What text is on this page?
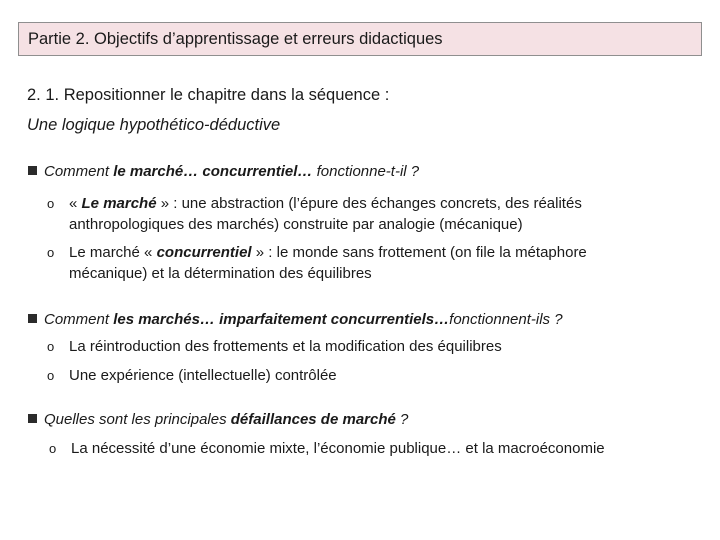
Partie 2. Objectifs d’apprentissage et erreurs didactiques
2. 1. Repositionner le chapitre dans la séquence :
Une logique hypothético-déductive
Comment le marché… concurrentiel… fonctionne-t-il ?
o « Le marché » : une abstraction (l’épure des échanges concrets, des réalités
anthropologiques des marchés) construite par analogie (mécanique)
o Le marché « concurrentiel » : le monde sans frottement (on file la métaphore
mécanique) et la détermination des équilibres
Comment les marchés… imparfaitement concurrentiels…fonctionnent-ils ?
o La réintroduction des frottements et la modification des équilibres
o Une expérience (intellectuelle) contrôlée
Quelles sont les principales défaillances de marché ?
o La nécessité d’une économie mixte, l’économie publique… et la macroéconomie
